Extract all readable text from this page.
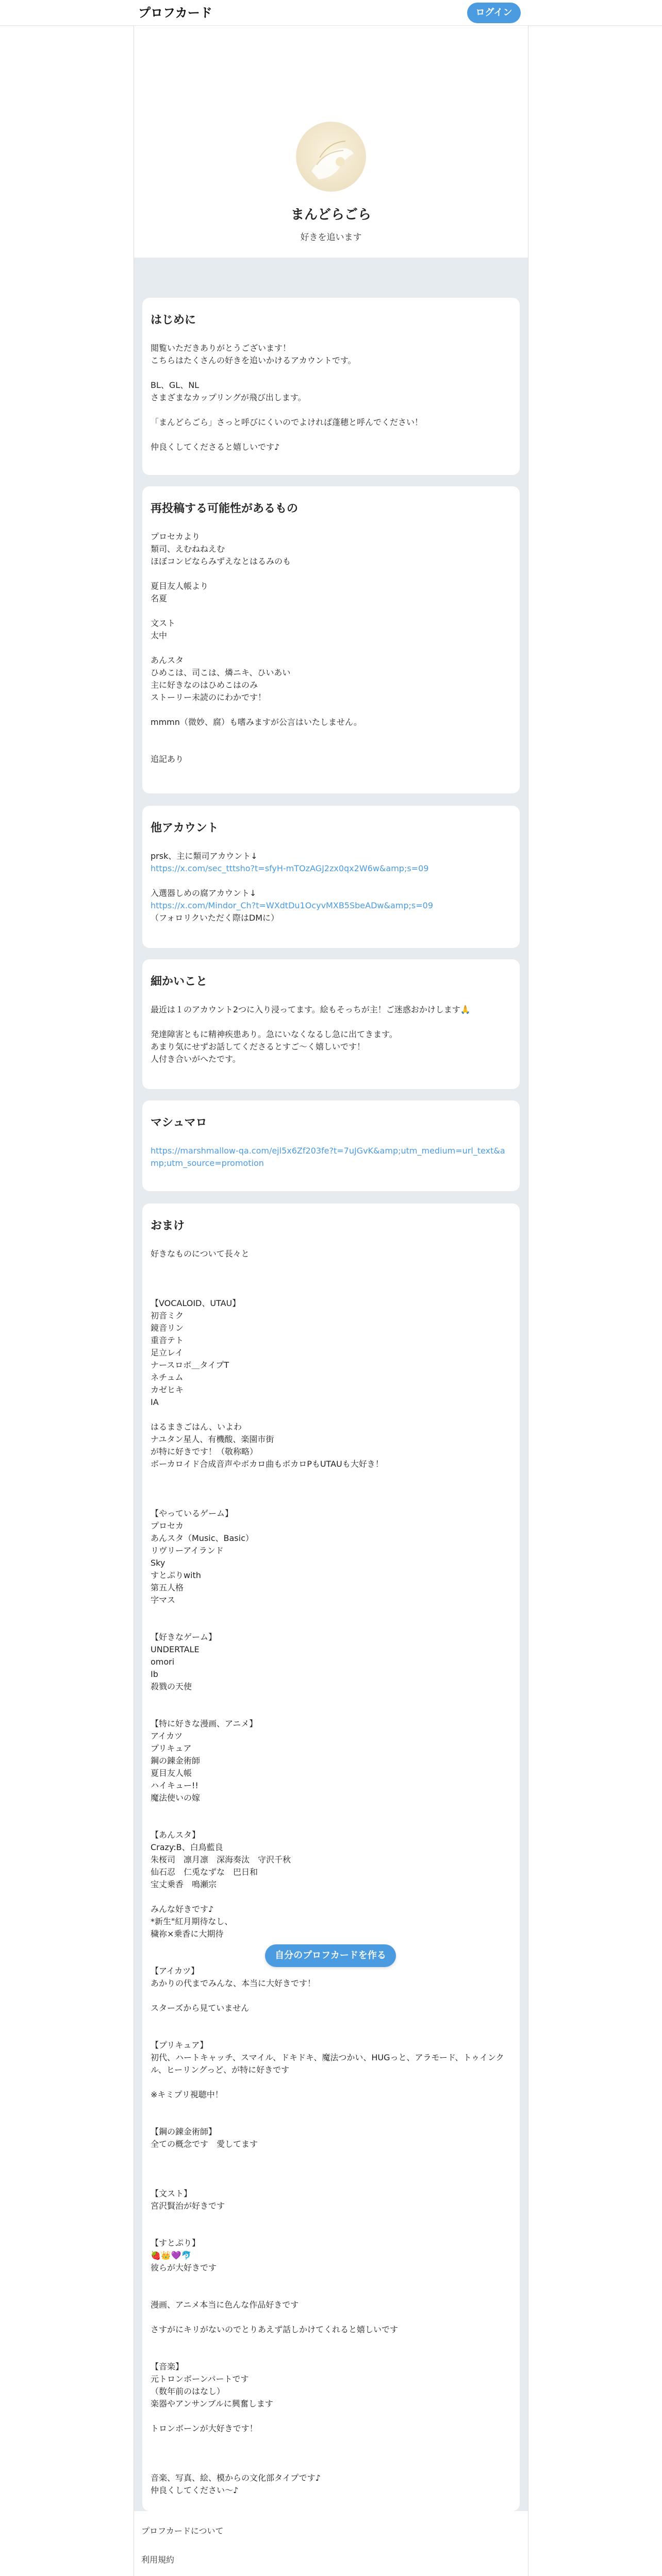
プロフカード	ログイン
まんどらごら
好きを追います
はじめに

閲覧いただきありがとうございます！

こちらはたくさんの好きを追いかけるアカウントです。

BL、GL、NL

さまざまなカップリングが飛び出します。

「まんどらごら」さっと呼びにくいのでよければ蓬穂と呼んでください！

仲良くしてくださると嬉しいです♪

再投稿する可能性があるもの

プロセカより

類司、えむねねえむ

ほぼコンビならみずえなとはるみのも

夏目友人帳より

名夏

文スト

太中

あんスタ

ひめこは、司こは、燐ニキ、ひいあい

主に好きなのはひめこはのみ

ストーリー未読のにわかです！

mmmn（微妙、腐）も嗜みますが公言はいたしません。

追記あり

他アカウント

prsk、主に類司アカウント↓

https://x.com/sec_tttsho?t=sfyH-mTOzAGJ2zx0qx2W6w&amp;s=09

入選器しめの腐アカウント↓

https://x.com/Mindor_Ch?t=WXdtDu1OcyvMXB5SbeADw&amp;s=09

（フォロリクいただく際はDMに）

細かいこと

最近は１のアカウント2つに入り浸ってます。絵もそっちが主！ご迷惑おかけします🙏

発達障害ともに精神疾患あり。急にいなくなるし急に出てきます。

あまり気にせずお話してくださるとすご～く嬉しいです！

人付き合いがへたです。

マシュマロ

https://marshmallow-qa.com/ejl5x6Zf203fe?t=7uJGvK&amp;utm_medium=url_text&amp;utm_source=promotion

おまけ

好きなものについて長々と

【VOCALOID、UTAU】

初音ミク

鏡音リン

重音テト

足立レイ

ナースロボ＿タイプT

ネチュム

カゼヒキ

IA

はるまきごはん、いよわ

ナユタン星人、有機酸、楽園市街

が特に好きです！（敬称略）

ボーカロイド合成音声やボカロ曲もボカロPもUTAUも大好き！

【やっているゲーム】

プロセカ

あんスタ（Music、Basic）

リヴリーアイランド

Sky

すとぷりwith

第五人格

字マス

【好きなゲーム】

UNDERTALE

omori

Ib

殺戮の天使

【特に好きな漫画、アニメ】

アイカツ

プリキュア

鋼の錬金術師

夏目友人帳

ハイキュー!!

魔法使いの嫁

【あんスタ】

Crazy:B、白鳥藍良

朱桜司　凛月凛　深海奏汰　守沢千秋

仙石忍　仁兎なずな　巴日和

宝丈乗香　鳴瀬宗

みんな好きです♪

*新生"紅月期待なし、

穢祢×乗香に大期待

【アイカツ】

あかりの代までみんな、本当に大好きです！

スターズから見ていません

【プリキュア】

初代、ハートキャッチ、スマイル、ドキドキ、魔法つかい、HUGっと、アラモード、トゥインクル、ヒーリングっど、が特に好きです

※キミプリ視聴中！

【鋼の錬金術師】

全ての概念です　愛してます

【文スト】

宮沢賢治が好きです

【すとぷり】

🍓👑💜🐬

彼らが大好きです

漫画、アニメ本当に色んな作品好きです

さすがにキリがないのでとりあえず話しかけてくれると嬉しいです

【音楽】

元トロンボーンパートです

（数年前のはなし）

楽器やアンサンブルに興奮します

トロンボーンが大好きです！

音楽、写真、絵、模からの文化部タイプです♪

仲良くしてください～♪

プロフカードについて
利用規約
自分のプロフカードを作る
